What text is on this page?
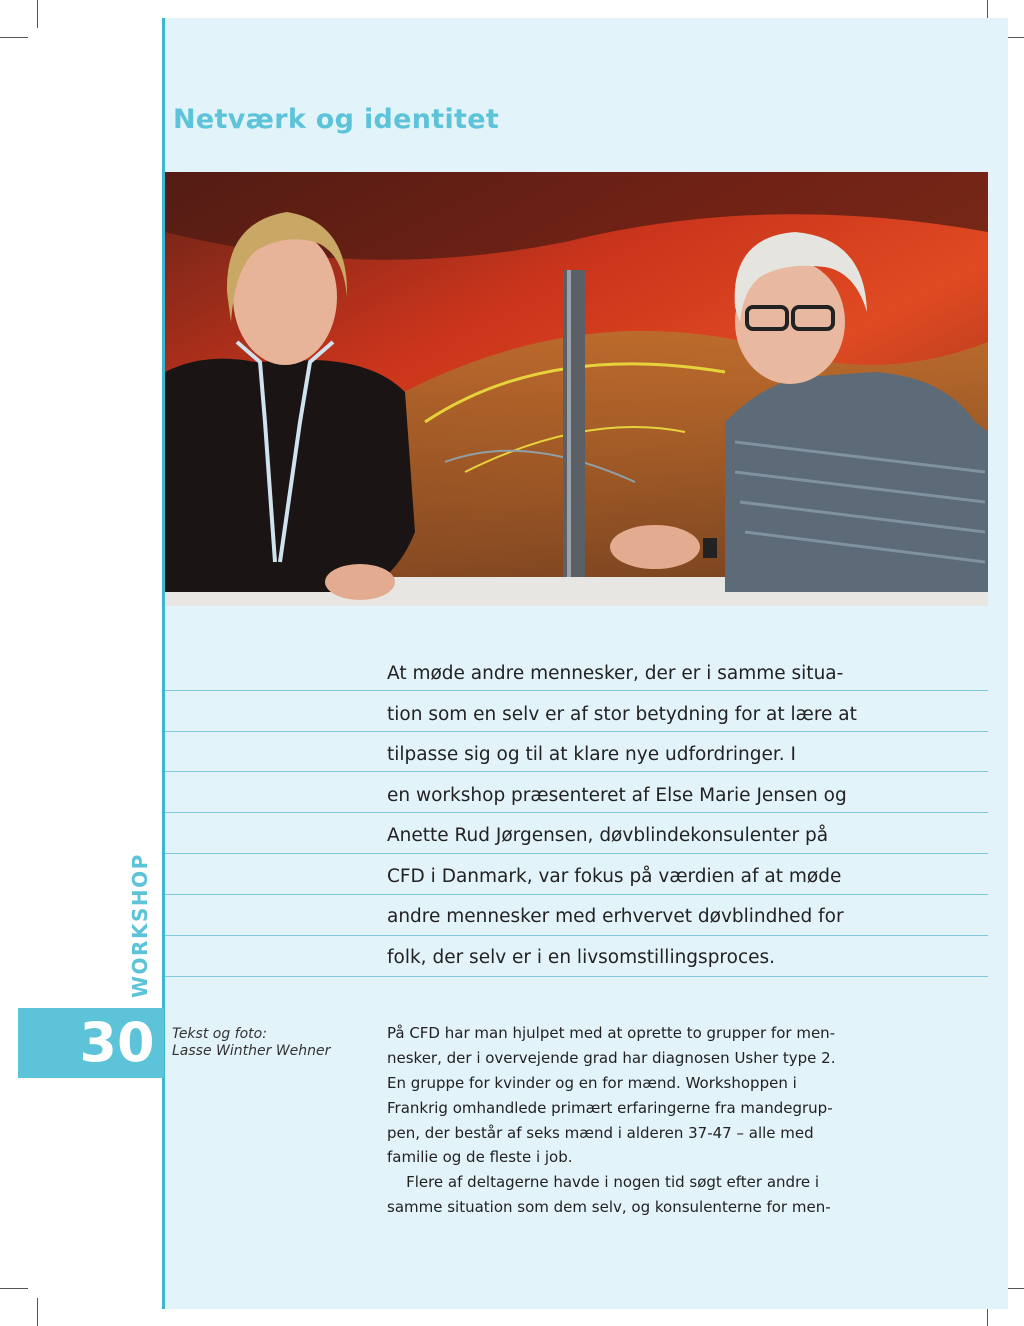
Netværk og identitet

At møde andre mennesker, der er i samme situa-

tion som en selv er af stor betydning for at lære at

tilpasse sig og til at klare nye udfordringer. I

en workshop præsenteret af Else Marie Jensen og

Anette Rud Jørgensen, døvblindekonsulenter på

CFD i Danmark, var fokus på værdien af at møde

andre mennesker med erhvervet døvblindhed for

folk, der selv er i en livsomstillingsproces.

WORKSHOP
30 Tekst og foto:
Lasse Winther Wehner

På CFD har man hjulpet med at oprette to grupper for men-

nesker, der i overvejende grad har diagnosen Usher type 2.

En gruppe for kvinder og en for mænd. Workshoppen i

Frankrig omhandlede primært erfaringerne fra mandegrup-

pen, der består af seks mænd i alderen 37-47 – alle med

familie og de fleste i job.

Flere af deltagerne havde i nogen tid søgt efter andre i

samme situation som dem selv, og konsulenterne for men-
